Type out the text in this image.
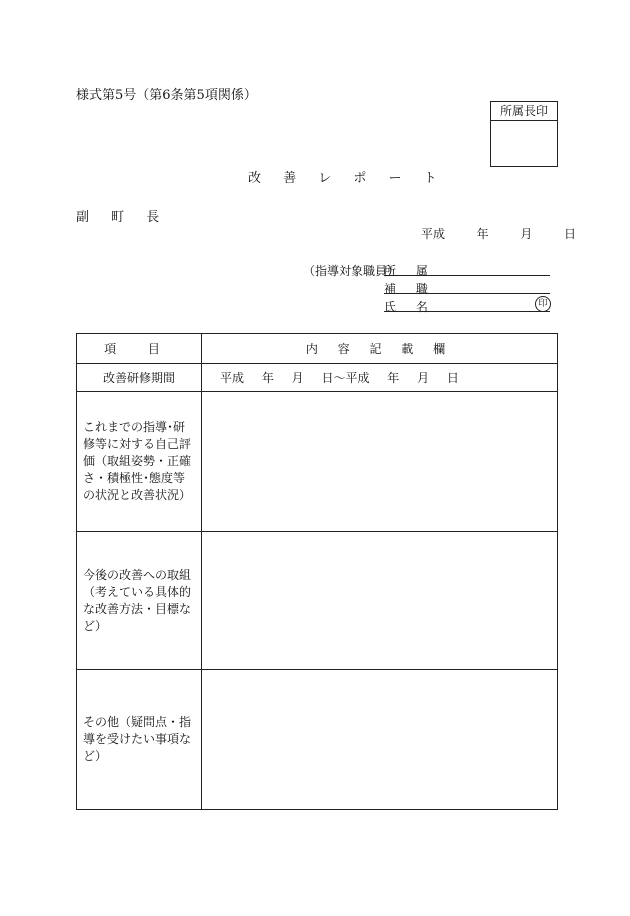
様式第5号（第6条第5項関係）
所属長印
改 善 レ ポ ー ト
副 町 長
平成	年	月	日
（指導対象職員）
所 属
補 職
氏 名	印
項 目	内 容 記 載 欄
改善研修期間	平成 年 月 日～平成 年 月 日
これまでの指導･研修等に対する自己評価（取組姿勢・正確さ・積極性･態度等の状況と改善状況）	
今後の改善への取組（考えている具体的な改善方法・目標など）	
その他（疑問点・指導を受けたい事項など）	
